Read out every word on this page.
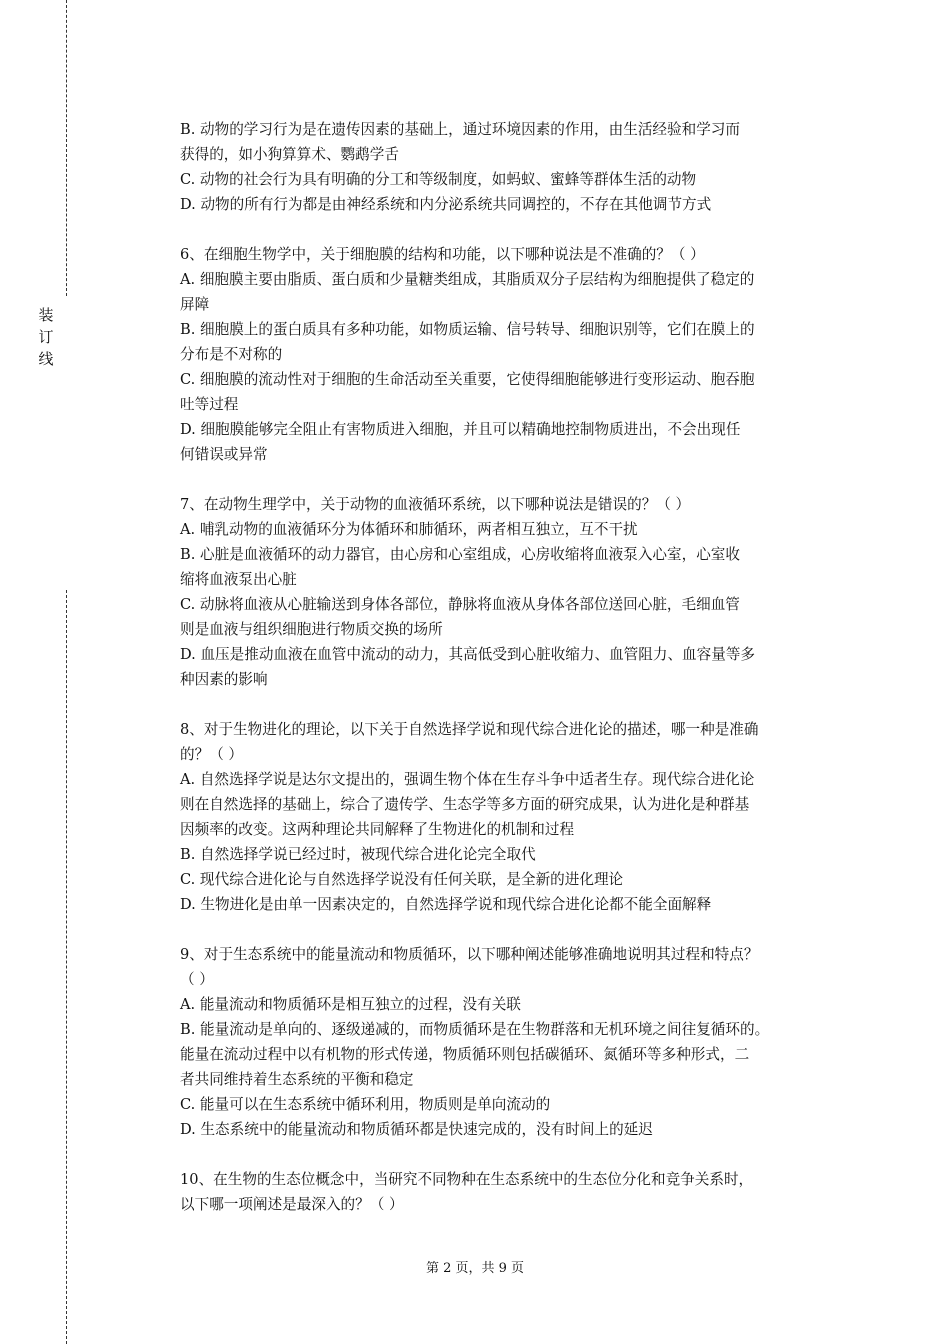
装
订
线
B. 动物的学习行为是在遗传因素的基础上，通过环境因素的作用，由生活经验和学习而
获得的，如小狗算算术、鹦鹉学舌
C. 动物的社会行为具有明确的分工和等级制度，如蚂蚁、蜜蜂等群体生活的动物
D. 动物的所有行为都是由神经系统和内分泌系统共同调控的，不存在其他调节方式
6、在细胞生物学中，关于细胞膜的结构和功能，以下哪种说法是不准确的？（ ）
A. 细胞膜主要由脂质、蛋白质和少量糖类组成，其脂质双分子层结构为细胞提供了稳定的
屏障
B. 细胞膜上的蛋白质具有多种功能，如物质运输、信号转导、细胞识别等，它们在膜上的
分布是不对称的
C. 细胞膜的流动性对于细胞的生命活动至关重要，它使得细胞能够进行变形运动、胞吞胞
吐等过程
D. 细胞膜能够完全阻止有害物质进入细胞，并且可以精确地控制物质进出，不会出现任
何错误或异常
7、在动物生理学中，关于动物的血液循环系统，以下哪种说法是错误的？（ ）
A. 哺乳动物的血液循环分为体循环和肺循环，两者相互独立，互不干扰
B. 心脏是血液循环的动力器官，由心房和心室组成，心房收缩将血液泵入心室，心室收
缩将血液泵出心脏
C. 动脉将血液从心脏输送到身体各部位，静脉将血液从身体各部位送回心脏，毛细血管
则是血液与组织细胞进行物质交换的场所
D. 血压是推动血液在血管中流动的动力，其高低受到心脏收缩力、血管阻力、血容量等多
种因素的影响
8、对于生物进化的理论，以下关于自然选择学说和现代综合进化论的描述，哪一种是准确
的？（ ）
A. 自然选择学说是达尔文提出的，强调生物个体在生存斗争中适者生存。现代综合进化论
则在自然选择的基础上，综合了遗传学、生态学等多方面的研究成果，认为进化是种群基
因频率的改变。这两种理论共同解释了生物进化的机制和过程
B. 自然选择学说已经过时，被现代综合进化论完全取代
C. 现代综合进化论与自然选择学说没有任何关联，是全新的进化理论
D. 生物进化是由单一因素决定的，自然选择学说和现代综合进化论都不能全面解释
9、对于生态系统中的能量流动和物质循环，以下哪种阐述能够准确地说明其过程和特点？
（ ）
A. 能量流动和物质循环是相互独立的过程，没有关联
B. 能量流动是单向的、逐级递减的，而物质循环是在生物群落和无机环境之间往复循环的。
能量在流动过程中以有机物的形式传递，物质循环则包括碳循环、氮循环等多种形式，二
者共同维持着生态系统的平衡和稳定
C. 能量可以在生态系统中循环利用，物质则是单向流动的
D. 生态系统中的能量流动和物质循环都是快速完成的，没有时间上的延迟
10、在生物的生态位概念中，当研究不同物种在生态系统中的生态位分化和竞争关系时，
以下哪一项阐述是最深入的？（ ）
第 2 页，共 9 页
